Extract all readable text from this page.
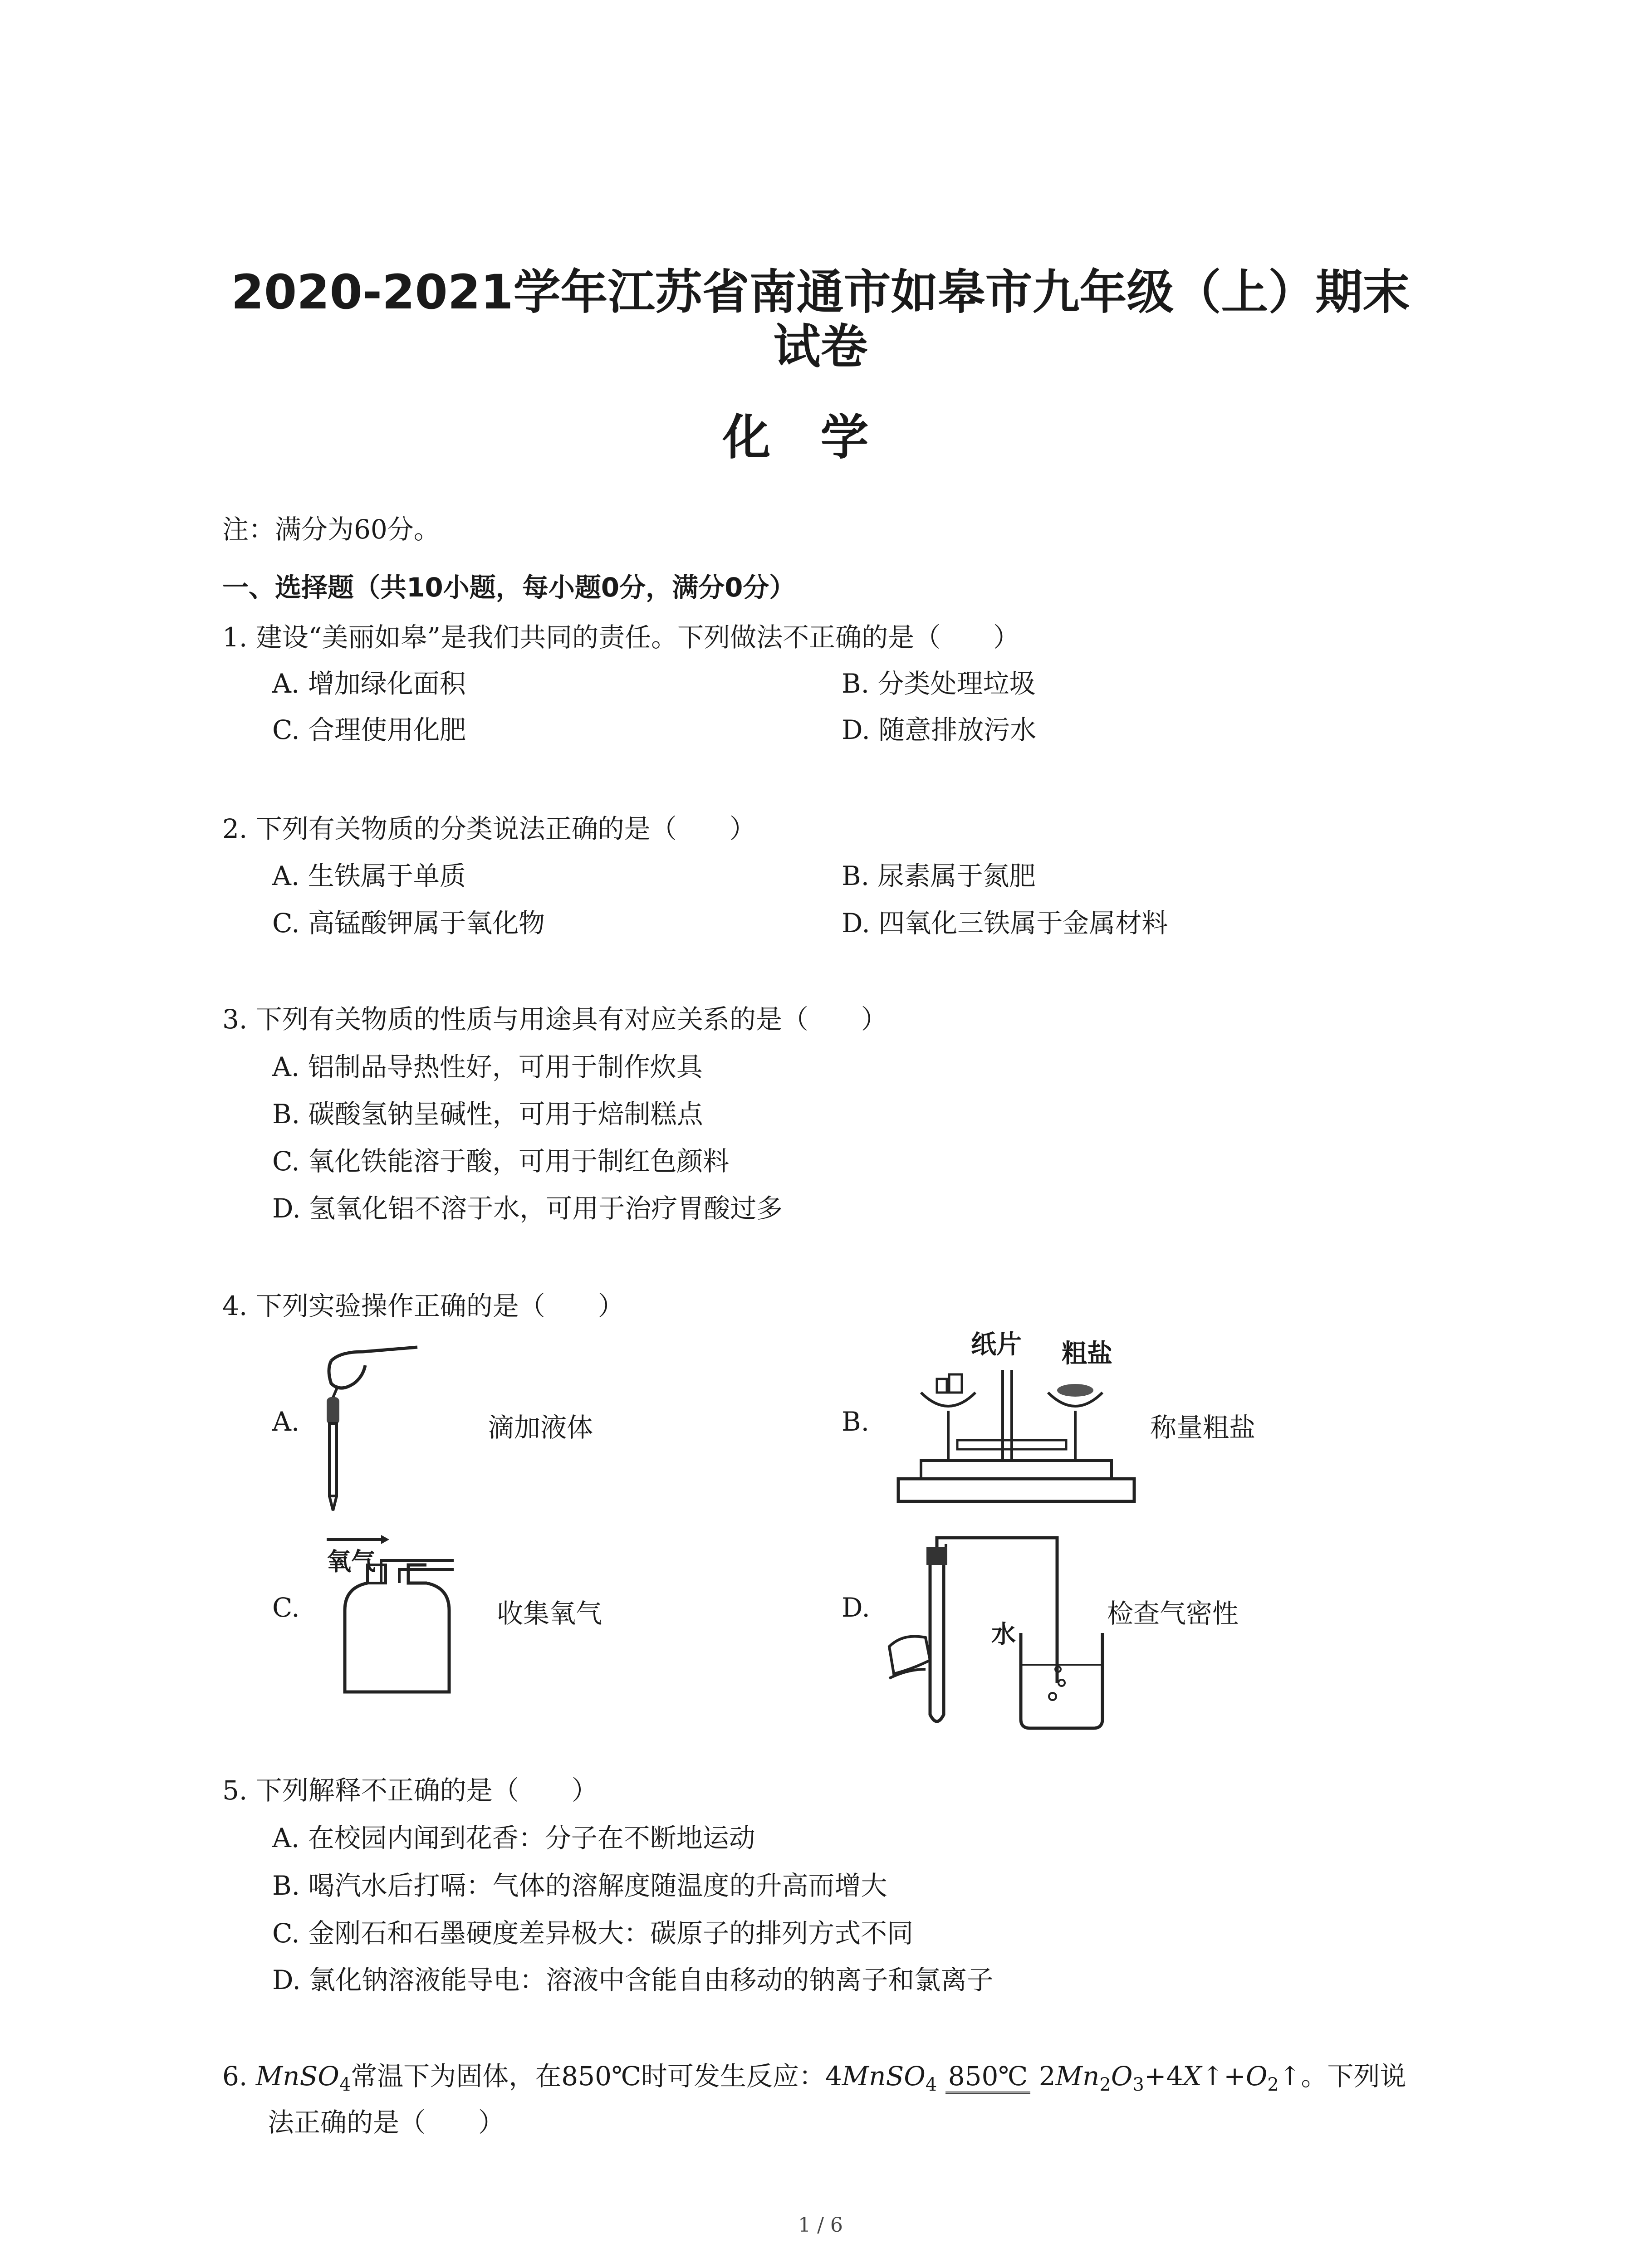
2020-2021学年江苏省南通市如皋市九年级（上）期末
试卷
化学
注：满分为60分。
一、选择题（共10小题，每小题0分，满分0分）
1. 建设“美丽如皋”是我们共同的责任。下列做法不正确的是（　　）
A. 增加绿化面积	B. 分类处理垃圾
C. 合理使用化肥	D. 随意排放污水
2. 下列有关物质的分类说法正确的是（　　）
A. 生铁属于单质	B. 尿素属于氮肥
C. 高锰酸钾属于氧化物	D. 四氧化三铁属于金属材料
3. 下列有关物质的性质与用途具有对应关系的是（　　）
A. 铝制品导热性好，可用于制作炊具
B. 碳酸氢钠呈碱性，可用于焙制糕点
C. 氧化铁能溶于酸，可用于制红色颜料
D. 氢氧化铝不溶于水，可用于治疗胃酸过多
4. 下列实验操作正确的是（　　）
A.	滴加液体	B.
纸片 粗盐
称量粗盐
C.
氧气
收集氧气	D.
水
检查气密性
5. 下列解释不正确的是（　　）
A. 在校园内闻到花香：分子在不断地运动
B. 喝汽水后打嗝：气体的溶解度随温度的升高而增大
C. 金刚石和石墨硬度差异极大：碳原子的排列方式不同
D. 氯化钠溶液能导电：溶液中含能自由移动的钠离子和氯离子
6. MnSO$_4$常温下为固体，在850℃时可发生反应：4MnSO$_4$ 850℃ $2Mn_2O_3+4X↑+O_2↑$。下列说
法正确的是（　　）
1 / 6
